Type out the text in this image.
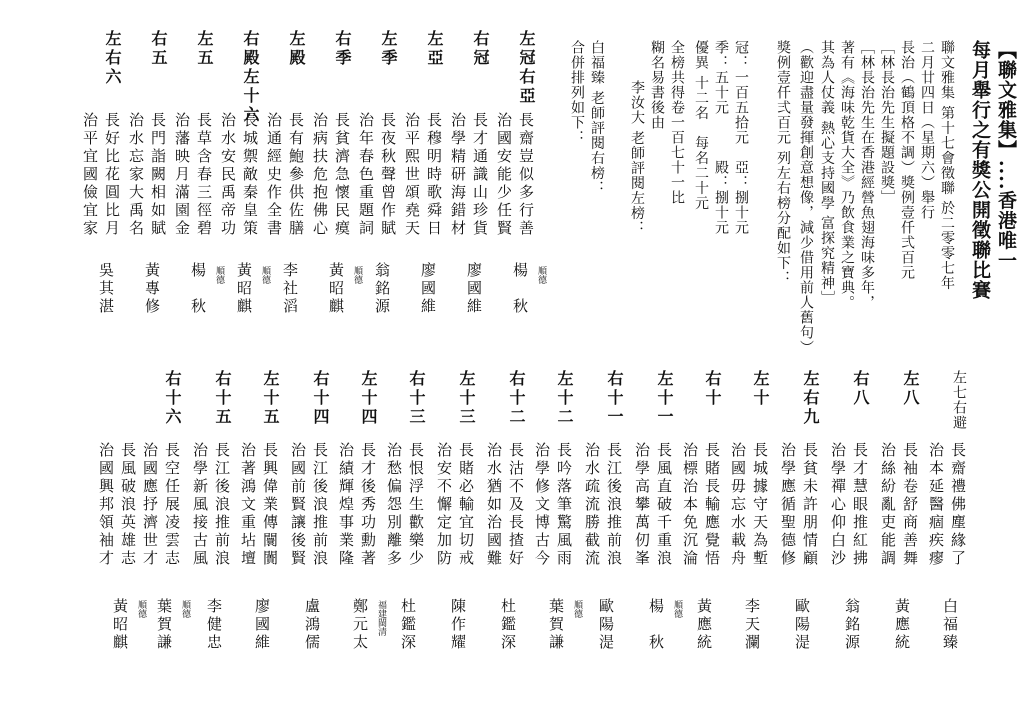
【聯文雅集】....香港唯一
每月舉行之有獎公開徵聯比賽
聯文雅集 第十七會徵聯 於二零零七年
二月廿四日（星期六）舉行
長治（鶴頂格不調）獎例壹仟弍百元
［林長治先生擬題設獎］
［林長治先生在香港經營魚翅海味多年，
著有《海味乾貨大全》乃飲食業之寶典。
其為人仗義 熱心支持國學 富探究精神］
（歡迎盡量發揮創意想像，減少借用前人舊句）
獎例壹仟弍百元 列左右榜分配如下：
冠：一百五拾元　亞：捌十元
季：五十元　　　殿：捌十元
優異 十二名　每名二十元
全榜共得卷一百七十一比
糊名易書後由
李汝大 老師評閱左榜：
白福臻 老師評閱右榜：
合併排列如下：
左冠右亞
長齋豈似多行善
治國安能少任賢
楊　秋 順德
右冠
長才通識山珍貨
治學精研海錯材
廖國維
左亞
長穆明時歌舜日
治平熙世頌堯天
廖國維
左季
長夜秋聲曾作賦
治年春色重題詞
翁銘源
右季
長貧濟急懷民瘼
治病扶危抱佛心
黃昭麒 順德
左殿
長有鮑參供佐膳
治通經史作全書
李社滔
右殿左十六
長城禦敵秦皇策
治水安民禹帝功
黃昭麒 順德
左五
長草含春三徑碧
治藩映月滿園金
楊　秋 順德
右五
長門詣闕相如賦
治水忘家大禹名
黃專修
左右六
長好比花圓比月
治平宜國儉宜家
吳其湛
左七右避
長齋禮佛塵緣了
治本延醫痼疾瘳
白福臻
左八
長袖卷舒商善舞
治絲紛亂吏能調
黃應統
右八
長才慧眼推紅拂
治學禪心仰白沙
翁銘源
左右九
長貧未許朋情顧
治學應循聖德修
歐陽湜
左十
長城據守天為塹
治國毋忘水載舟
李天瀾
右十
長賭長輸應覺悟
治標治本免沉淪
黃應統
左十一
長風直破千重浪
治學高攀萬仞峯
楊　秋 順德
右十一
長江後浪推前浪
治水疏流勝截流
歐陽湜
左十二
長吟落筆驚風雨
治學修文博古今
葉賀謙 順德
右十二
長沽不及長揸好
治水猶如治國難
杜鑑深
左十三
長賭必輸宜切戒
治安不懈定加防
陳作耀
右十三
長恨浮生歡樂少
治愁偏怨別離多
杜鑑深
左十四
長才後秀功勳著
治績輝煌事業隆
鄭元太 福建閩清
右十四
長江後浪推前浪
治國前賢讓後賢
盧鴻儒
左十五
長興偉業傳闤闠
治著鴻文重坫壇
廖國維
右十五
長江後浪推前浪
治學新風接古風
李健忠
右十六
長空任展凌雲志
治國應抒濟世才
葉賀謙 順德
長風破浪英雄志
治國興邦領袖才
黃昭麒 順德
